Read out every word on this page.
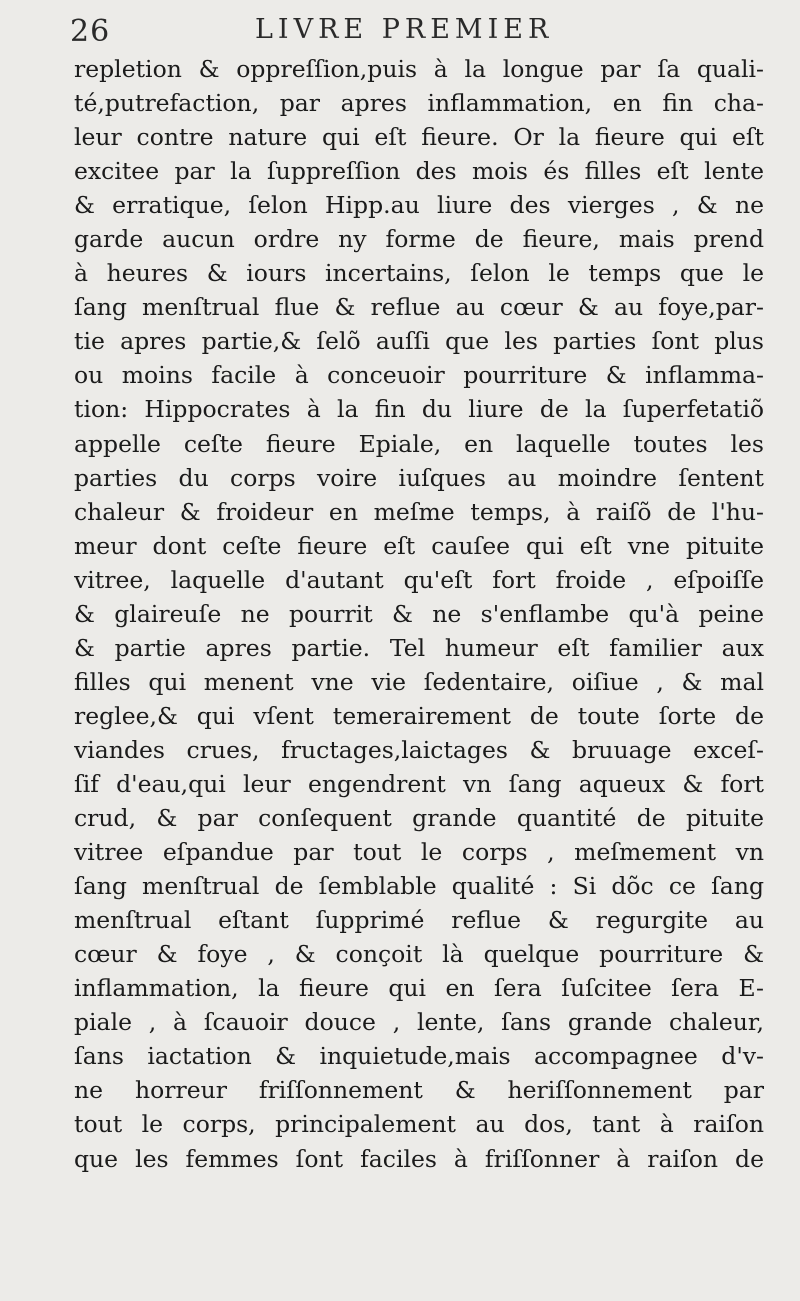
26	LIVRE PREMIER
repletion & oppreſſion,puis à la longue par ſa quali-
té,putrefaction, par apres inflammation, en fin cha-
leur contre nature qui eſt fieure. Or la fieure qui eſt
excitee par la ſuppreſſion des mois és filles eſt lente
& erratique, ſelon Hipp.au liure des vierges , & ne
garde aucun ordre ny forme de fieure, mais prend
à heures & iours incertains, ſelon le temps que le
ſang menſtrual flue & reflue au cœur & au foye,par-
tie apres partie,& ſelõ auſſi que les parties ſont plus
ou moins facile à conceuoir pourriture & inflamma-
tion: Hippocrates à la fin du liure de la ſuperfetatiõ
appelle ceſte fieure Epiale, en laquelle toutes les
parties du corps voire iuſques au moindre ſentent
chaleur & froideur en meſme temps, à raiſõ de l'hu-
meur dont ceſte fieure eſt cauſee qui eſt vne pituite
vitree, laquelle d'autant qu'eſt fort froide , eſpoiſſe
& glaireuſe ne pourrit & ne s'enflambe qu'à peine
& partie apres partie. Tel humeur eſt familier aux
filles qui menent vne vie ſedentaire, oiſiue , & mal
reglee,& qui vſent temerairement de toute ſorte de
viandes crues, fructages,laictages & bruuage exceſ-
ſif d'eau,qui leur engendrent vn ſang aqueux & fort
crud, & par conſequent grande quantité de pituite
vitree eſpandue par tout le corps , meſmement vn
ſang menſtrual de ſemblable qualité : Si dõc ce ſang
menſtrual eſtant ſupprimé reflue & regurgite au
cœur & foye , & conçoit là quelque pourriture &
inflammation, la fieure qui en ſera ſuſcitee ſera E-
piale , à ſcauoir douce , lente, ſans grande chaleur,
ſans iactation & inquietude,mais accompagnee d'v-
ne horreur friſſonnement & heriſſonnement par
tout le corps, principalement au dos, tant à raiſon
que les femmes ſont faciles à friſſonner à raiſon de
